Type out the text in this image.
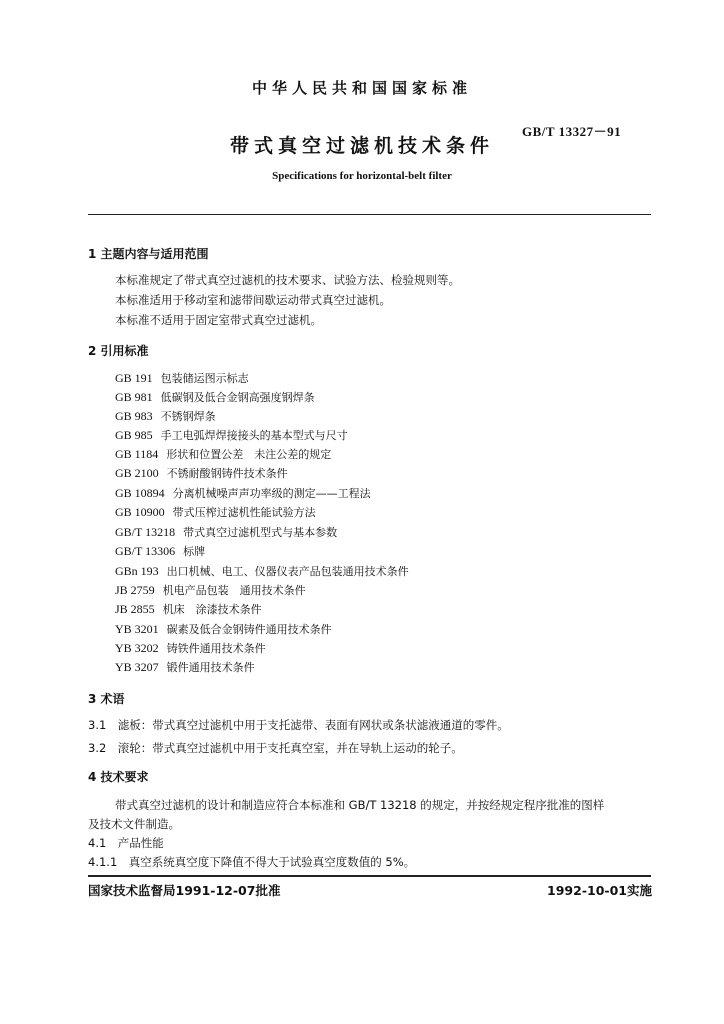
中华人民共和国国家标准
GB/T 13327－91
带式真空过滤机技术条件
Specifications for horizontal-belt filter
1 主题内容与适用范围
本标准规定了带式真空过滤机的技术要求、试验方法、检验规则等。
本标准适用于移动室和滤带间歇运动带式真空过滤机。
本标准不适用于固定室带式真空过滤机。
2 引用标准
GB 191 包装储运图示标志
GB 981 低碳钢及低合金钢高强度钢焊条
GB 983 不锈钢焊条
GB 985 手工电弧焊焊接接头的基本型式与尺寸
GB 1184 形状和位置公差　未注公差的规定
GB 2100 不锈耐酸钢铸件技术条件
GB 10894 分离机械噪声声功率级的测定——工程法
GB 10900 带式压榨过滤机性能试验方法
GB/T 13218 带式真空过滤机型式与基本参数
GB/T 13306 标牌
GBn 193 出口机械、电工、仪器仪表产品包装通用技术条件
JB 2759 机电产品包装　通用技术条件
JB 2855 机床　涂漆技术条件
YB 3201 碳素及低合金钢铸件通用技术条件
YB 3202 铸铁件通用技术条件
YB 3207 锻件通用技术条件
3 术语
3.1　滤板：带式真空过滤机中用于支托滤带、表面有网状或条状滤液通道的零件。
3.2　滚轮：带式真空过滤机中用于支托真空室，并在导轨上运动的轮子。
4 技术要求
带式真空过滤机的设计和制造应符合本标准和 GB/T 13218 的规定，并按经规定程序批准的图样
及技术文件制造。
4.1　产品性能
4.1.1　真空系统真空度下降值不得大于试验真空度数值的 5%。
国家技术监督局1991-12-07批准	1992-10-01实施
